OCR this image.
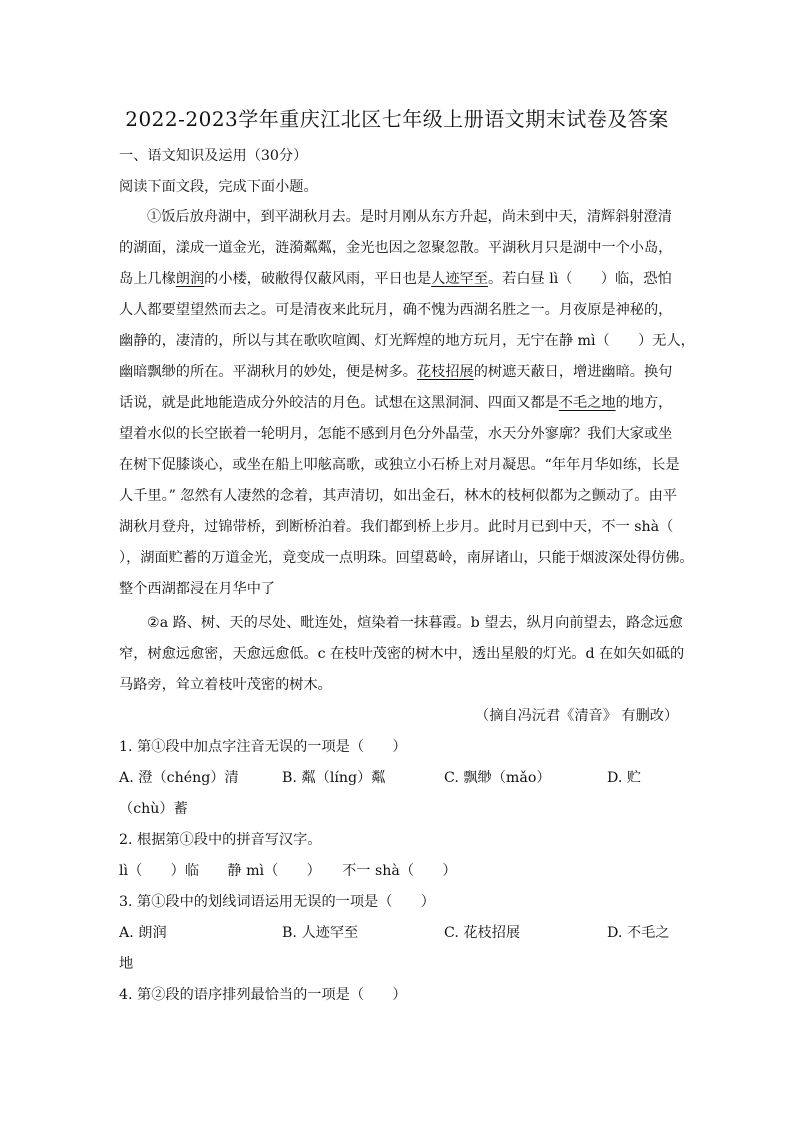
2022-2023学年重庆江北区七年级上册语文期末试卷及答案
一、语文知识及运用（30分）
阅读下面文段，完成下面小题。
①饭后放舟湖中，到平湖秋月去。是时月刚从东方升起，尚未到中天，清辉斜射澄清
的湖面，漾成一道金光，涟漪粼粼，金光也因之忽聚忽散。平湖秋月只是湖中一个小岛，
岛上几椽朗润的小楼，破敝得仅蔽风雨，平日也是人迹罕至。若白昼 lì（　　）临，恐怕
人人都要望望然而去之。可是清夜来此玩月，确不愧为西湖名胜之一。月夜原是神秘的，
幽静的，凄清的，所以与其在歌吹喧阗、灯光辉煌的地方玩月，无宁在静 mì（　　）无人，
幽暗飘缈的所在。平湖秋月的妙处，便是树多。花枝招展的树遮天蔽日，增进幽暗。换句
话说，就是此地能造成分外皎洁的月色。试想在这黑洞洞、四面又都是不毛之地的地方，
望着水似的长空嵌着一轮明月，怎能不感到月色分外晶莹，水天分外寥廓？我们大家或坐
在树下促膝谈心，或坐在船上叩舷高歌，或独立小石桥上对月凝思。“年年月华如练，长是
人千里。” 忽然有人凄然的念着，其声清切，如出金石，林木的枝柯似都为之颤动了。由平
湖秋月登舟，过锦带桥，到断桥泊着。我们都到桥上步月。此时月已到中天，不一 shà（
），湖面贮蓄的万道金光，竟变成一点明珠。回望葛岭，南屏诸山，只能于烟波深处得仿佛。
整个西湖都浸在月华中了
②a 路、树、天的尽处、毗连处，煊染着一抹暮霞。b 望去，纵月向前望去，路念远愈
窄，树愈远愈密，天愈远愈低。c 在枝叶茂密的树木中，透出星般的灯光。d 在如矢如砥的
马路旁，耸立着枝叶茂密的树木。
（摘自冯沅君《清音》 有删改）
1. 第①段中加点字注音无误的一项是（　　）
A. 澄（chéng）清	B. 粼（líng）粼	C. 飘缈（mǎo）	D. 贮
（chù）蓄
2. 根据第①段中的拼音写汉字。
lì（　　）临　　静 mì（　　）　　不一 shà（　　）
3. 第①段中的划线词语运用无误的一项是（　　）
A. 朗润	B. 人迹罕至	C. 花枝招展	D. 不毛之
地
4. 第②段的语序排列最恰当的一项是（　　）
